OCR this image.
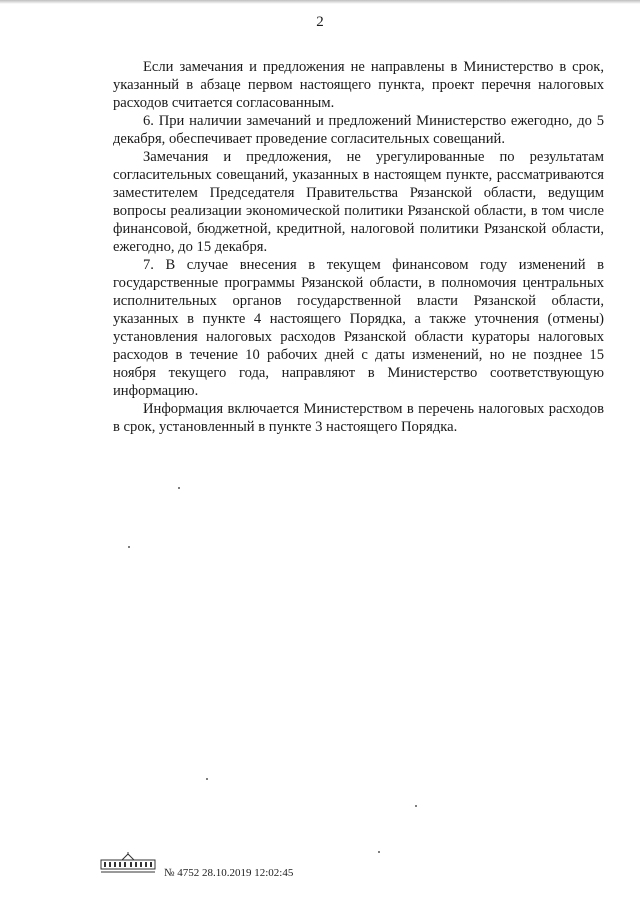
2

Если замечания и предложения не направлены в Министерство в срок, указанный в абзаце первом настоящего пункта, проект перечня налоговых расходов считается согласованным.

6. При наличии замечаний и предложений Министерство ежегодно, до 5 декабря, обеспечивает проведение согласительных совещаний.

Замечания и предложения, не урегулированные по результатам согласительных совещаний, указанных в настоящем пункте, рассматриваются заместителем Председателя Правительства Рязанской области, ведущим вопросы реализации экономической политики Рязанской области, в том числе финансовой, бюджетной, кредитной, налоговой политики Рязанской области, ежегодно, до 15 декабря.

7. В случае внесения в текущем финансовом году изменений в государственные программы Рязанской области, в полномочия центральных исполнительных органов государственной власти Рязанской области, указанных в пункте 4 настоящего Порядка, а также уточнения (отмены) установления налоговых расходов Рязанской области кураторы налоговых расходов в течение 10 рабочих дней с даты изменений, но не позднее 15 ноября текущего года, направляют в Министерство соответствующую информацию.

Информация включается Министерством в перечень налоговых расходов в срок, установленный в пункте 3 настоящего Порядка.

№ 4752 28.10.2019 12:02:45
